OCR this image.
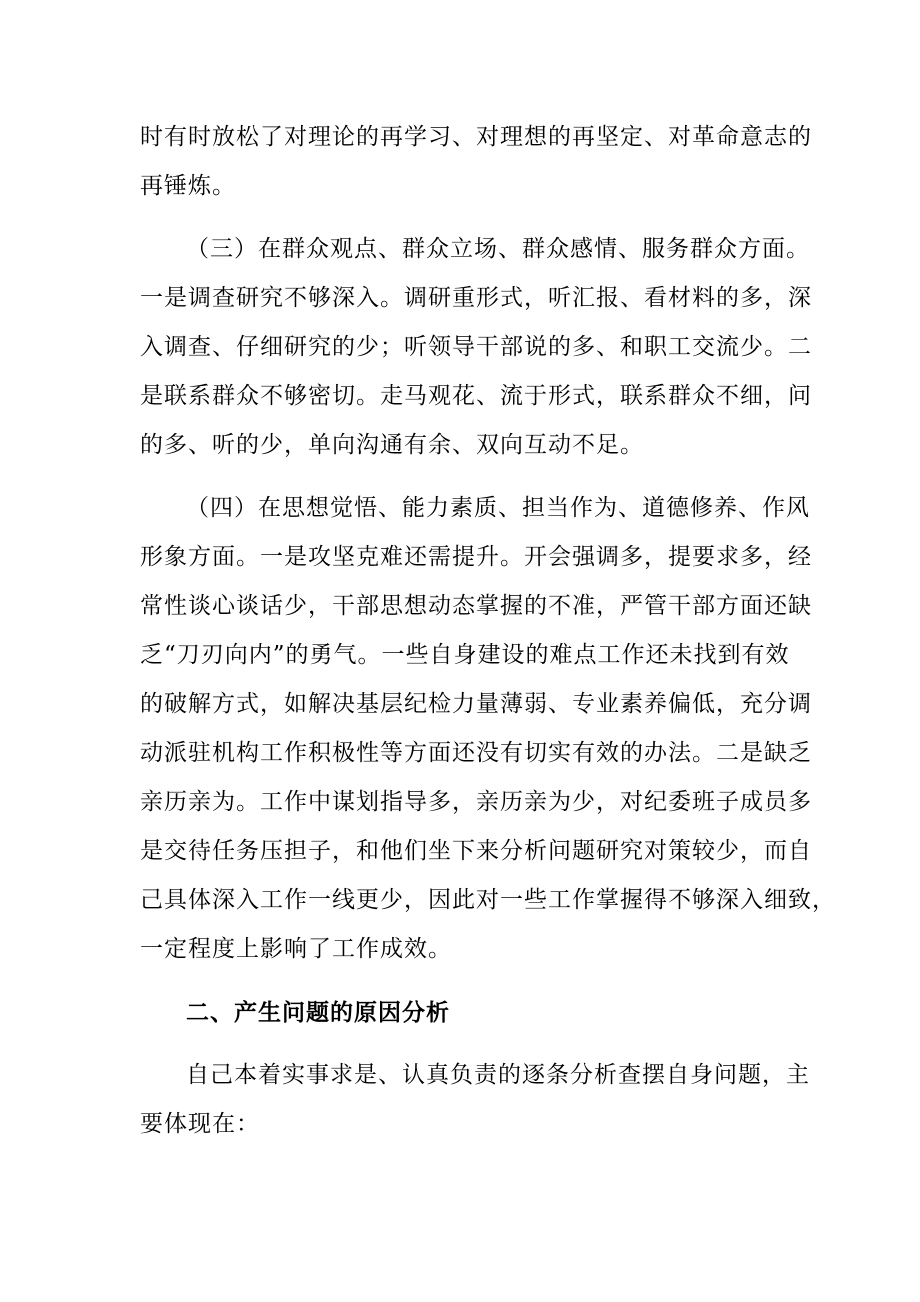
时有时放松了对理论的再学习、对理想的再坚定、对革命意志的
再锤炼。

（三）在群众观点、群众立场、群众感情、服务群众方面。
一是调查研究不够深入。调研重形式，听汇报、看材料的多，深
入调查、仔细研究的少；听领导干部说的多、和职工交流少。二
是联系群众不够密切。走马观花、流于形式，联系群众不细，问
的多、听的少，单向沟通有余、双向互动不足。

（四）在思想觉悟、能力素质、担当作为、道德修养、作风
形象方面。一是攻坚克难还需提升。开会强调多，提要求多，经
常性谈心谈话少，干部思想动态掌握的不准，严管干部方面还缺
乏“刀刃向内”的勇气。一些自身建设的难点工作还未找到有效
的破解方式，如解决基层纪检力量薄弱、专业素养偏低，充分调
动派驻机构工作积极性等方面还没有切实有效的办法。二是缺乏
亲历亲为。工作中谋划指导多，亲历亲为少，对纪委班子成员多
是交待任务压担子，和他们坐下来分析问题研究对策较少，而自
己具体深入工作一线更少，因此对一些工作掌握得不够深入细致，
一定程度上影响了工作成效。

二、产生问题的原因分析

自己本着实事求是、认真负责的逐条分析查摆自身问题，主
要体现在：
